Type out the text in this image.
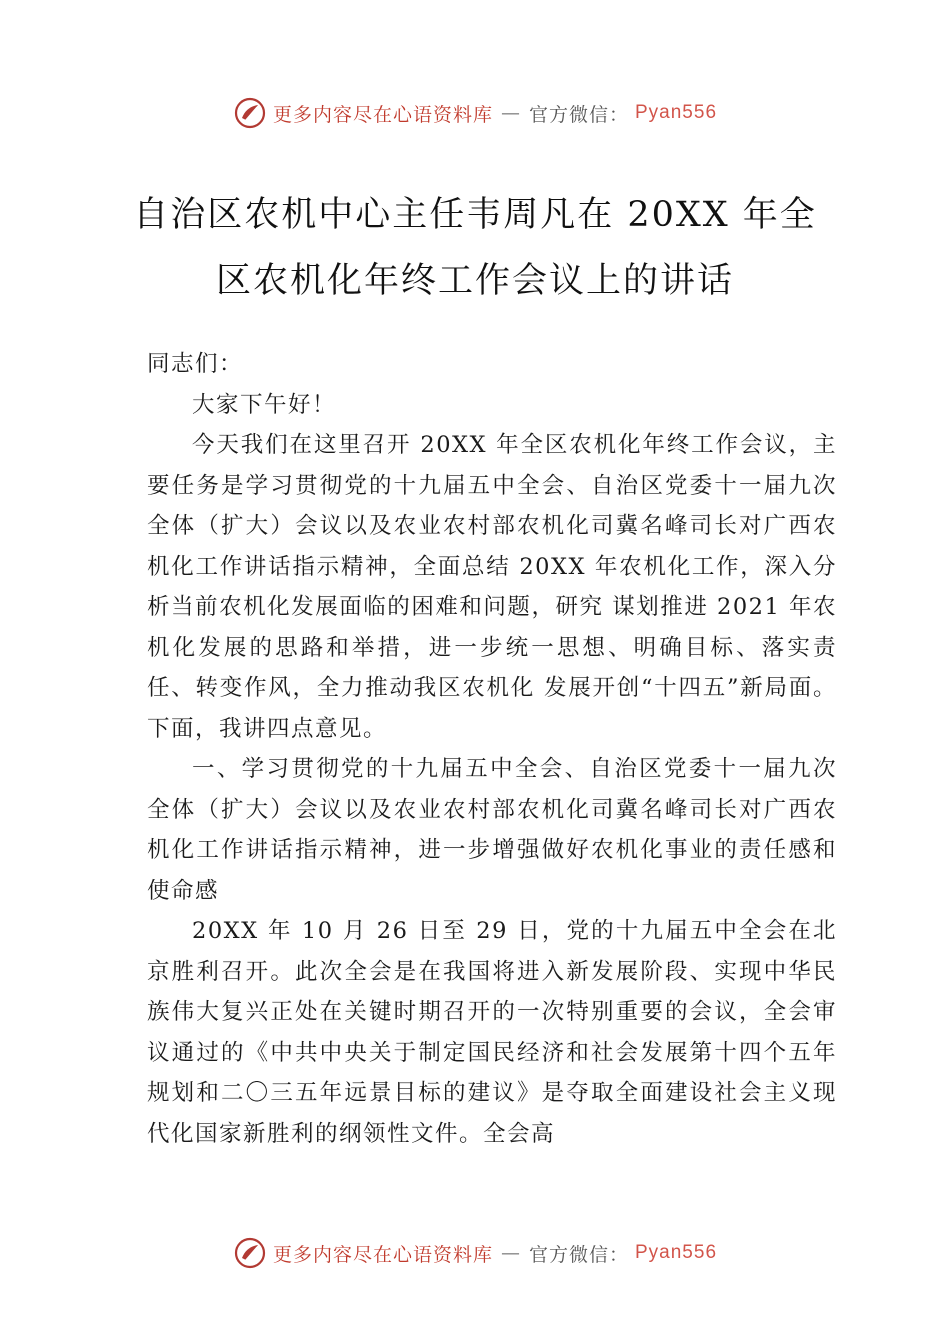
更多内容尽在心语资料库 — 官方微信： Pyan556
自治区农机中心主任韦周凡在 20XX 年全
区农机化年终工作会议上的讲话

同志们：

大家下午好！

今天我们在这里召开 20XX 年全区农机化年终工作会议，主要任务是学习贯彻党的十九届五中全会、自治区党委十一届九次全体（扩大）会议以及农业农村部农机化司冀名峰司长对广西农机化工作讲话指示精神，全面总结 20XX 年农机化工作，深入分析当前农机化发展面临的困难和问题，研究 谋划推进 2021 年农机化发展的思路和举措，进一步统一思想、明确目标、落实责任、转变作风，全力推动我区农机化 发展开创“十四五”新局面。下面，我讲四点意见。

一、学习贯彻党的十九届五中全会、自治区党委十一届九次全体（扩大）会议以及农业农村部农机化司冀名峰司长对广西农机化工作讲话指示精神，进一步增强做好农机化事业的责任感和使命感

20XX 年 10 月 26 日至 29 日，党的十九届五中全会在北京胜利召开。此次全会是在我国将进入新发展阶段、实现中华民族伟大复兴正处在关键时期召开的一次特别重要的会议，全会审议通过的《中共中央关于制定国民经济和社会发展第十四个五年规划和二〇三五年远景目标的建议》是夺取全面建设社会主义现代化国家新胜利的纲领性文件。全会高

更多内容尽在心语资料库 — 官方微信： Pyan556
